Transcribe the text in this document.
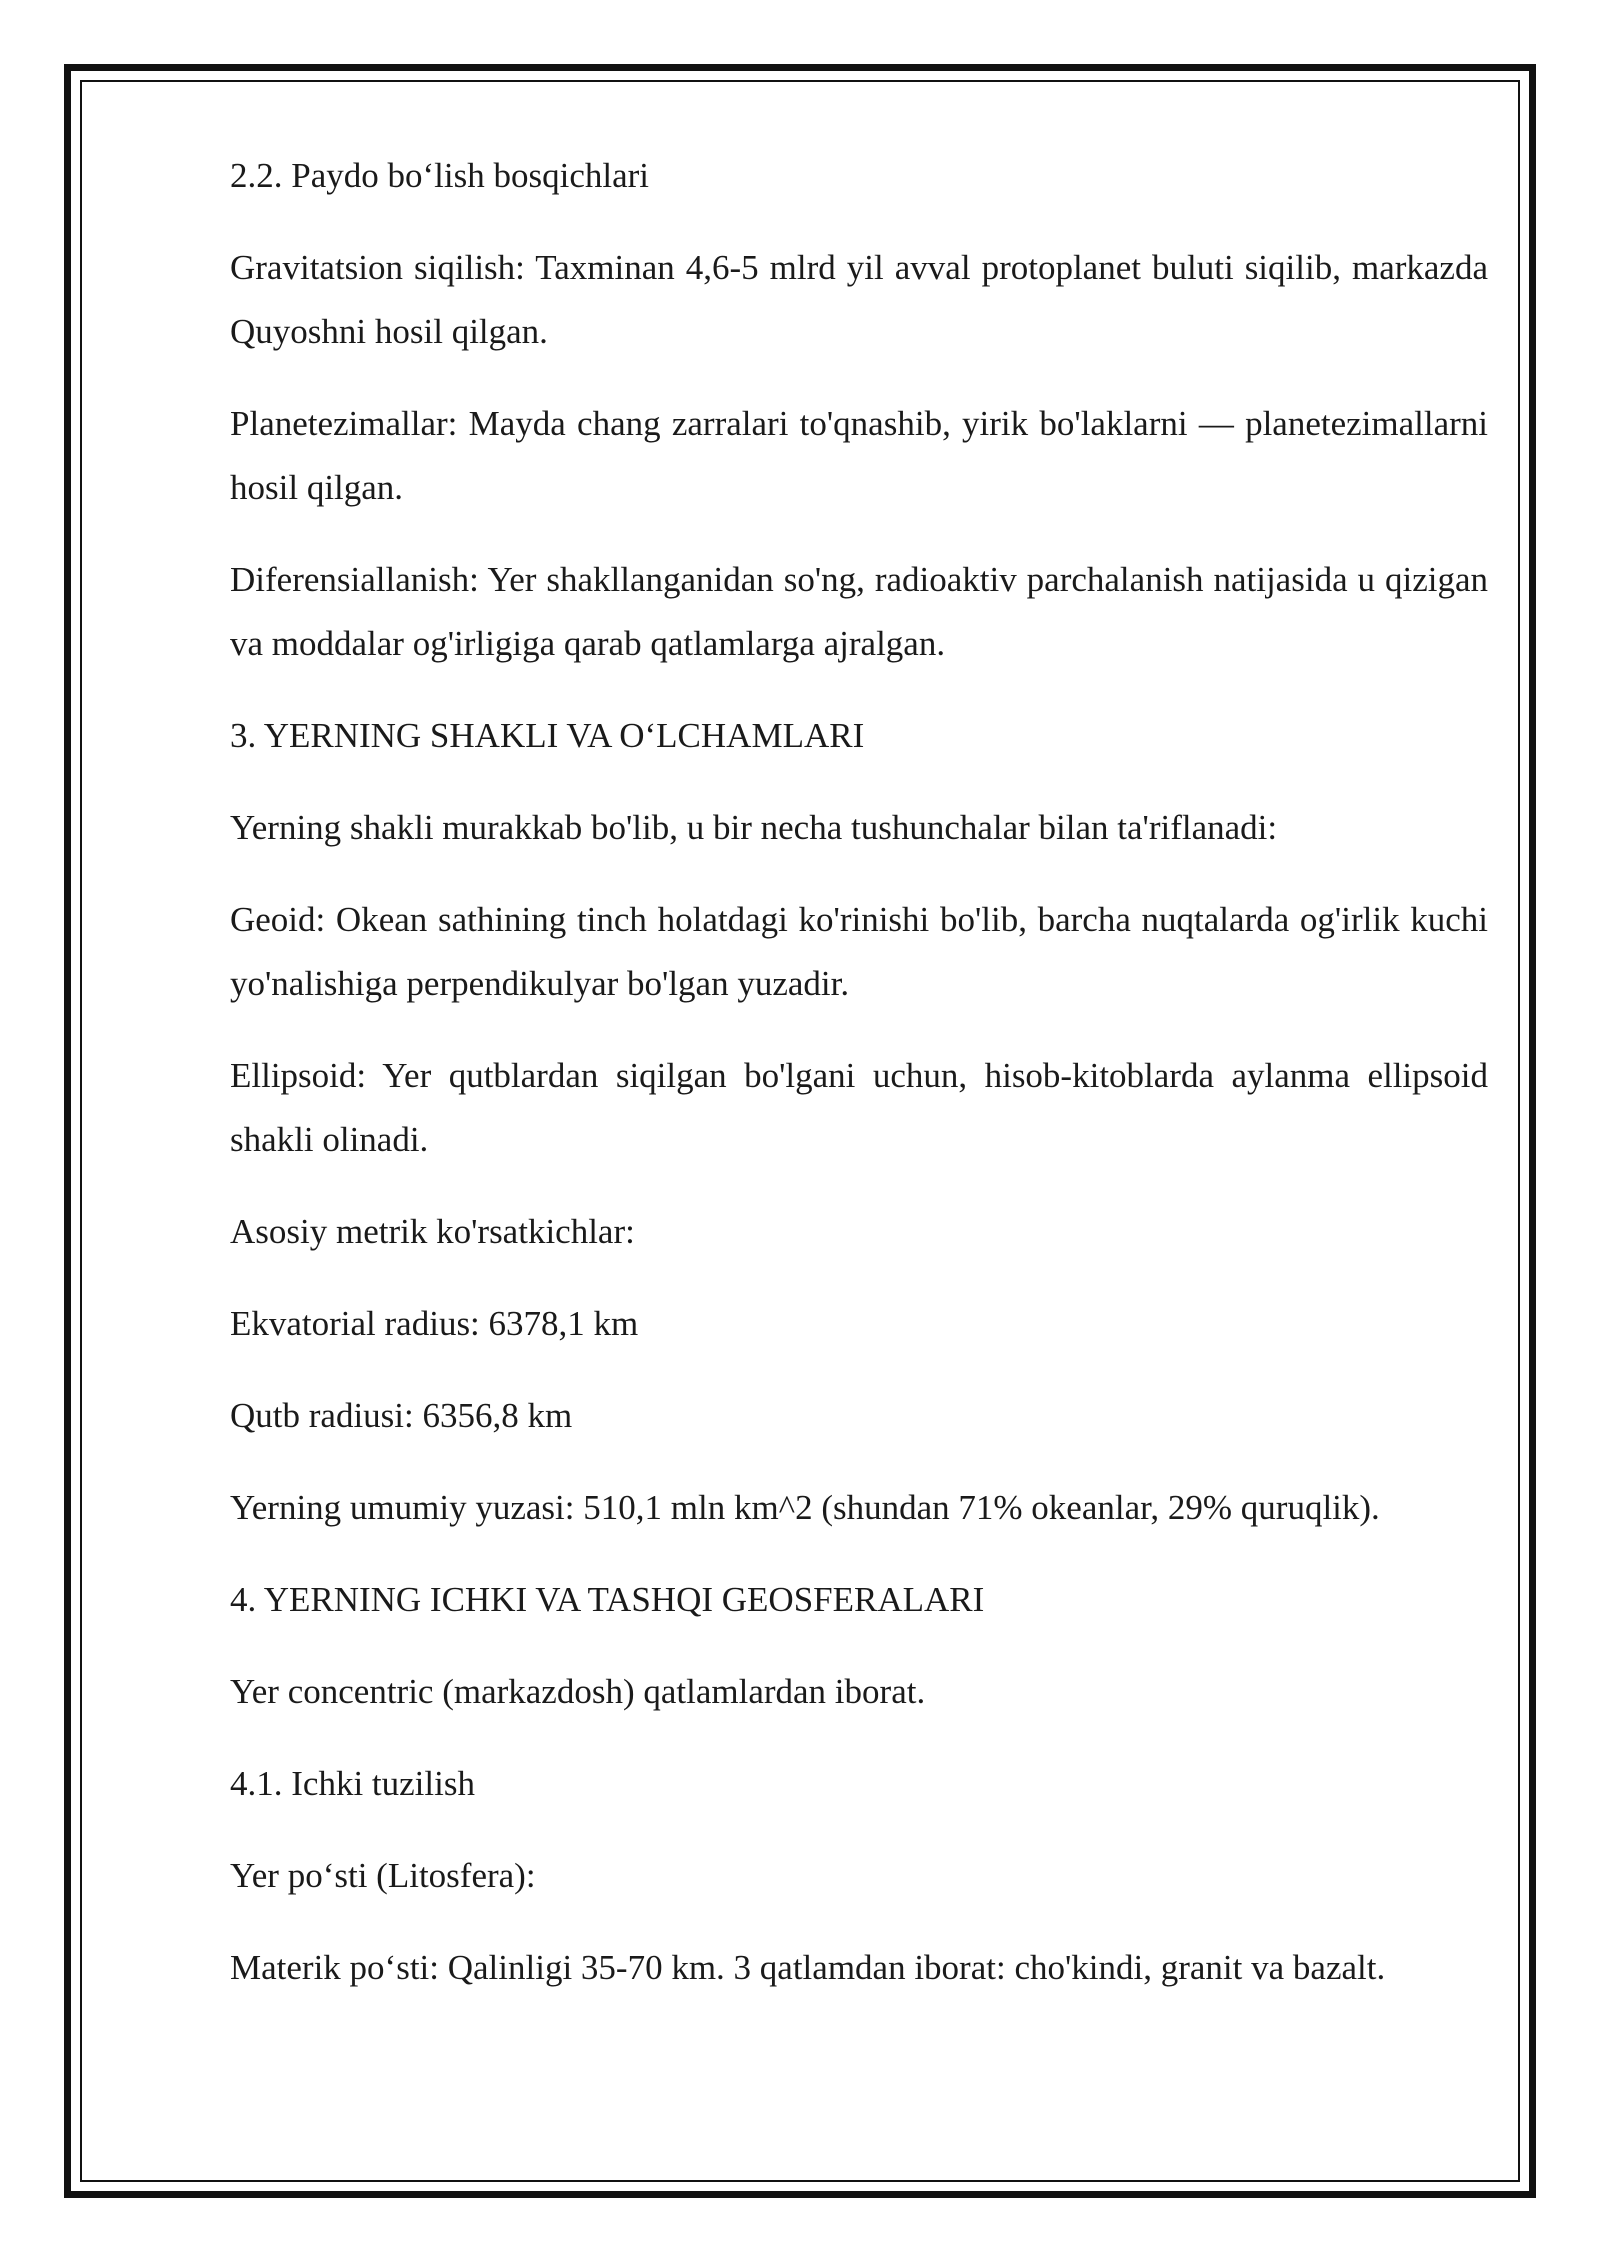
2.2. Paydo bo‘lish bosqichlari

Gravitatsion siqilish: Taxminan 4,6-5 mlrd yil avval protoplanet buluti siqilib, markazda Quyoshni hosil qilgan.

Planetezimallar: Mayda chang zarralari to'qnashib, yirik bo'laklarni — planetezimallarni hosil qilgan.

Diferensiallanish: Yer shakllanganidan so'ng, radioaktiv parchalanish natijasida u qizigan va moddalar og'irligiga qarab qatlamlarga ajralgan.

3. YERNING SHAKLI VA O‘LCHAMLARI

Yerning shakli murakkab bo'lib, u bir necha tushunchalar bilan ta'riflanadi:

Geoid: Okean sathining tinch holatdagi ko'rinishi bo'lib, barcha nuqtalarda og'irlik kuchi yo'nalishiga perpendikulyar bo'lgan yuzadir.

Ellipsoid: Yer qutblardan siqilgan bo'lgani uchun, hisob-kitoblarda aylanma ellipsoid shakli olinadi.

Asosiy metrik ko'rsatkichlar:

Ekvatorial radius: 6378,1 km

Qutb radiusi: 6356,8 km

Yerning umumiy yuzasi: 510,1 mln km^2 (shundan 71% okeanlar, 29% quruqlik).

4. YERNING ICHKI VA TASHQI GEOSFERALARI

Yer concentric (markazdosh) qatlamlardan iborat.

4.1. Ichki tuzilish

Yer po‘sti (Litosfera):

Materik po‘sti: Qalinligi 35-70 km. 3 qatlamdan iborat: cho'kindi, granit va bazalt.
